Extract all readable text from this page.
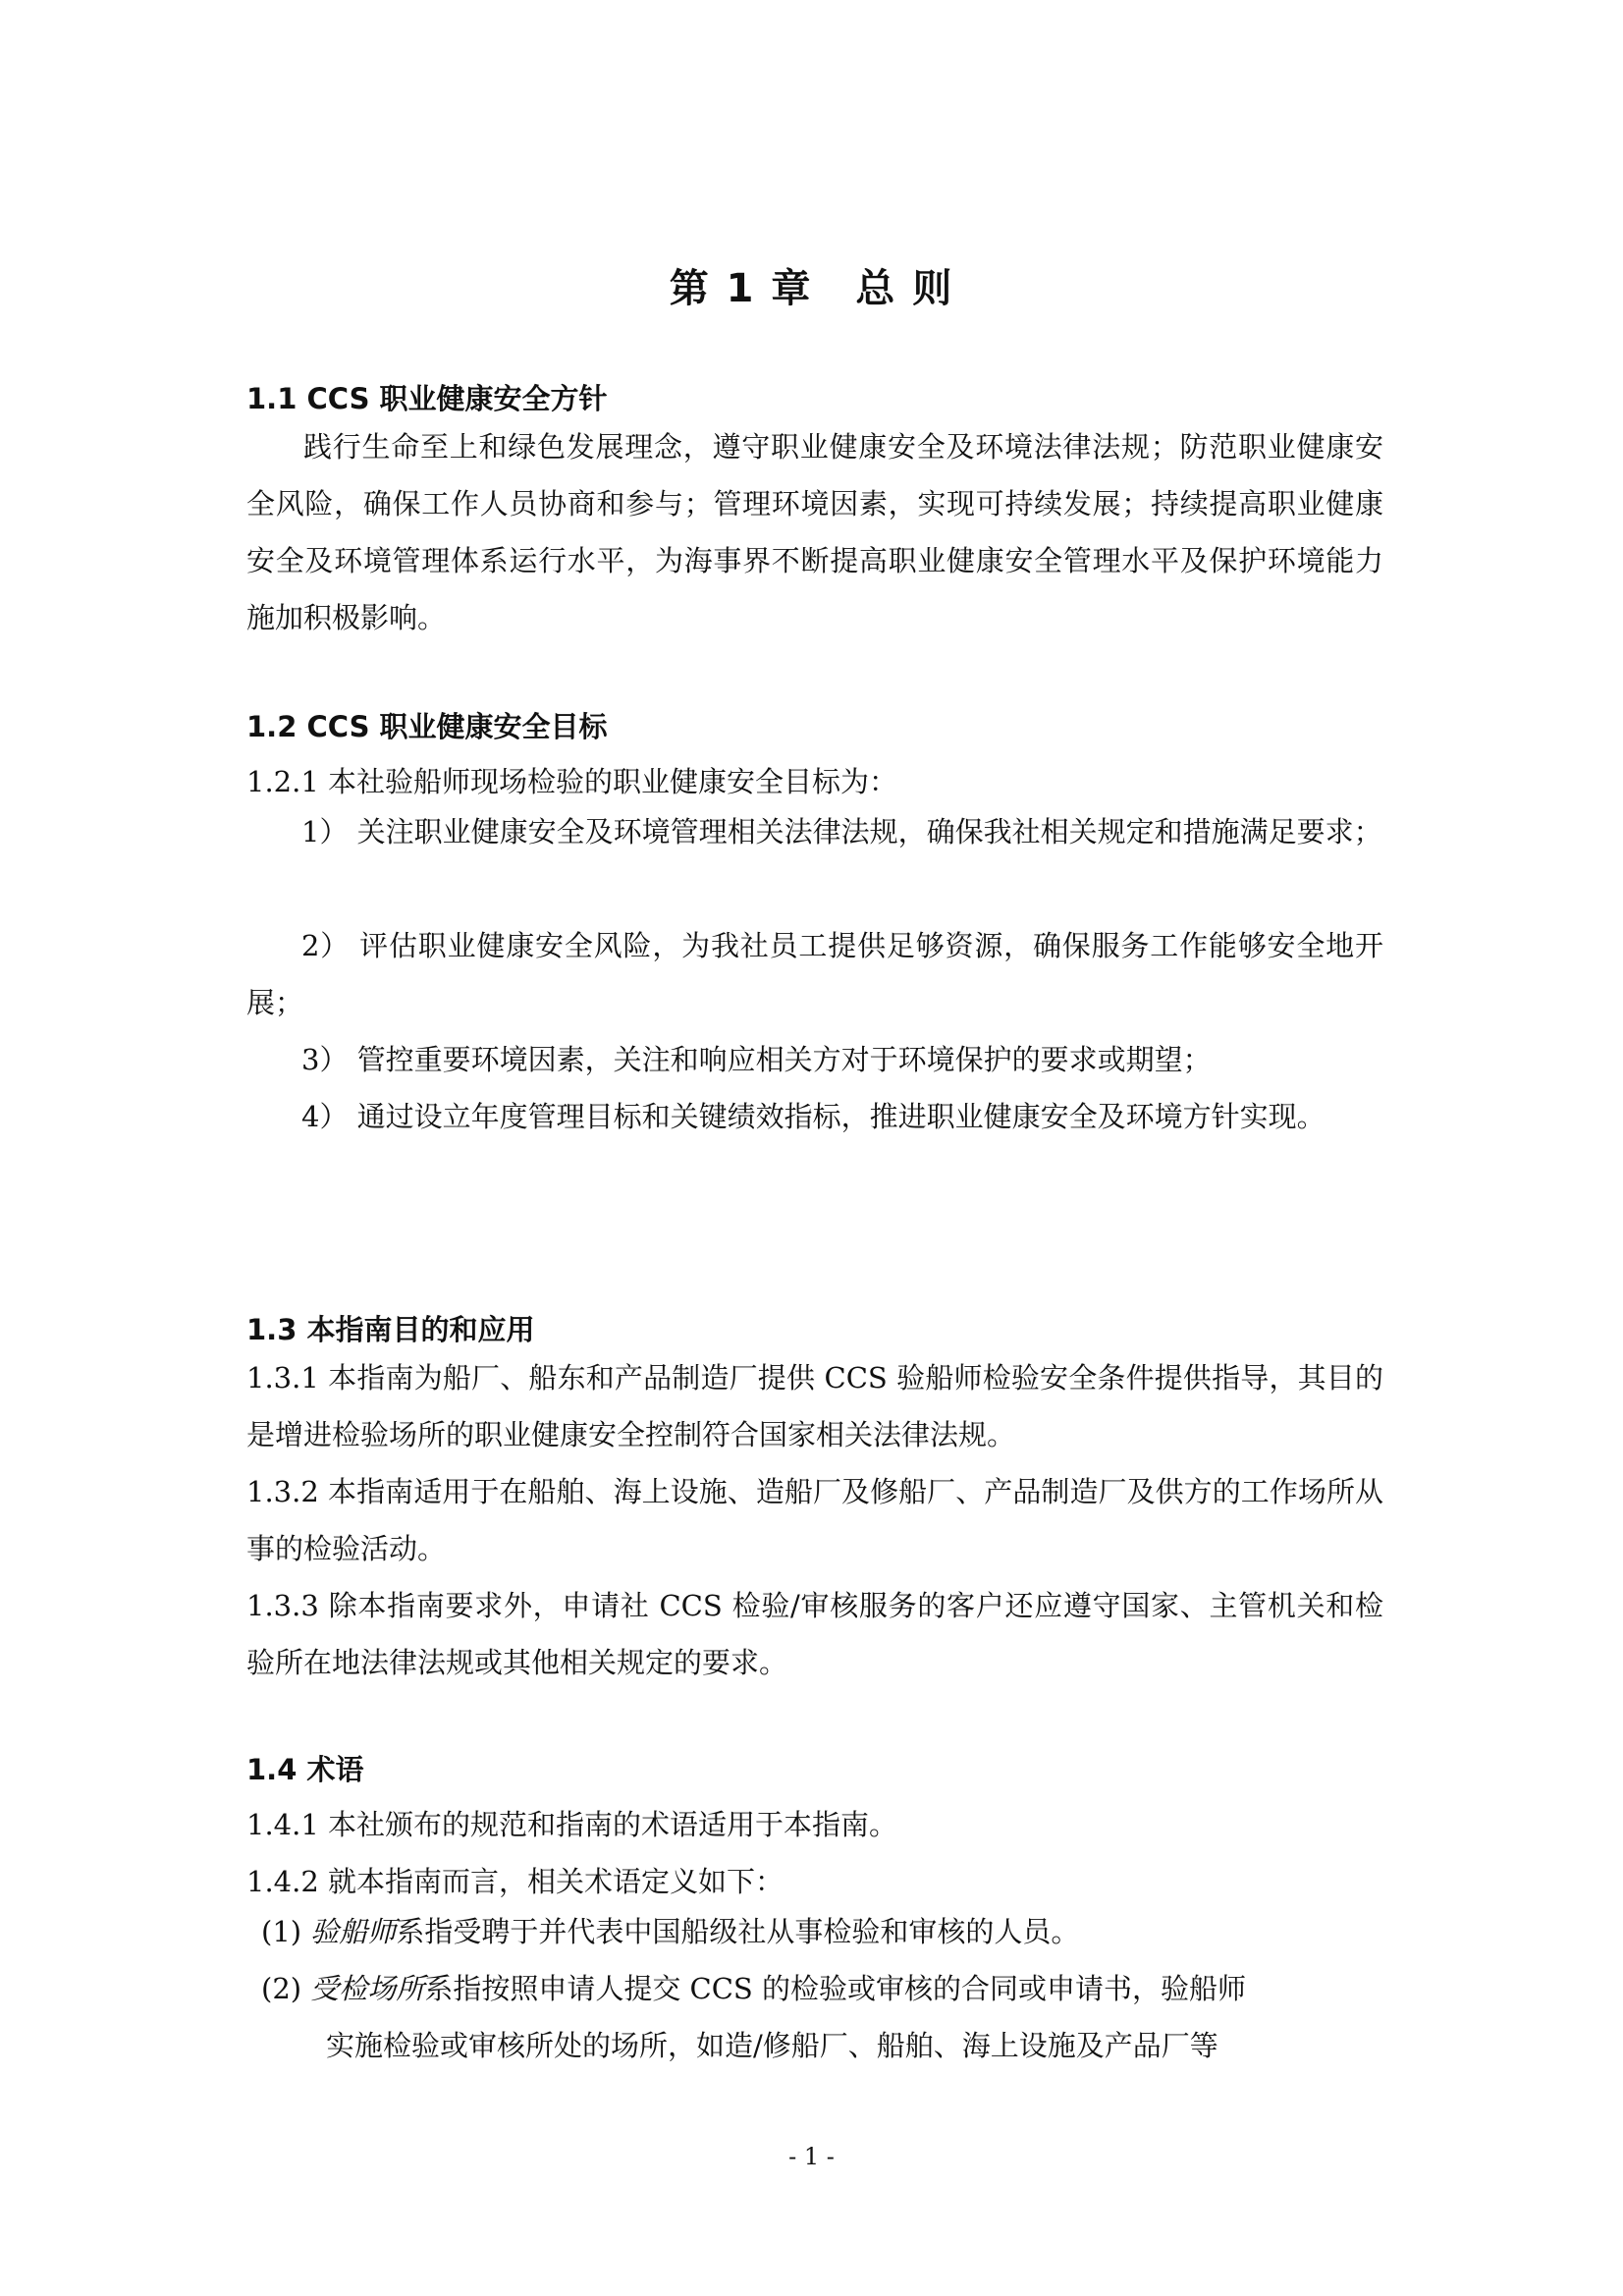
第 1 章 总 则
1.1 CCS 职业健康安全方针
践行生命至上和绿色发展理念，遵守职业健康安全及环境法律法规；防范职业健康安全风险，确保工作人员协商和参与；管理环境因素，实现可持续发展；持续提高职业健康安全及环境管理体系运行水平，为海事界不断提高职业健康安全管理水平及保护环境能力施加积极影响。
1.2 CCS 职业健康安全目标
1.2.1 本社验船师现场检验的职业健康安全目标为：
1） 关注职业健康安全及环境管理相关法律法规，确保我社相关规定和措施满足要求；
2） 评估职业健康安全风险，为我社员工提供足够资源，确保服务工作能够安全地开展；
3） 管控重要环境因素，关注和响应相关方对于环境保护的要求或期望；
4） 通过设立年度管理目标和关键绩效指标，推进职业健康安全及环境方针实现。
1.3 本指南目的和应用
1.3.1 本指南为船厂、船东和产品制造厂提供 CCS 验船师检验安全条件提供指导，其目的是增进检验场所的职业健康安全控制符合国家相关法律法规。
1.3.2 本指南适用于在船舶、海上设施、造船厂及修船厂、产品制造厂及供方的工作场所从事的检验活动。
1.3.3 除本指南要求外，申请社 CCS 检验/审核服务的客户还应遵守国家、主管机关和检验所在地法律法规或其他相关规定的要求。
1.4 术语
1.4.1 本社颁布的规范和指南的术语适用于本指南。
1.4.2 就本指南而言，相关术语定义如下：
(1) 验船师系指受聘于并代表中国船级社从事检验和审核的人员。
(2) 受检场所系指按照申请人提交 CCS 的检验或审核的合同或申请书，验船师
实施检验或审核所处的场所，如造/修船厂、船舶、海上设施及产品厂等
- 1 -
